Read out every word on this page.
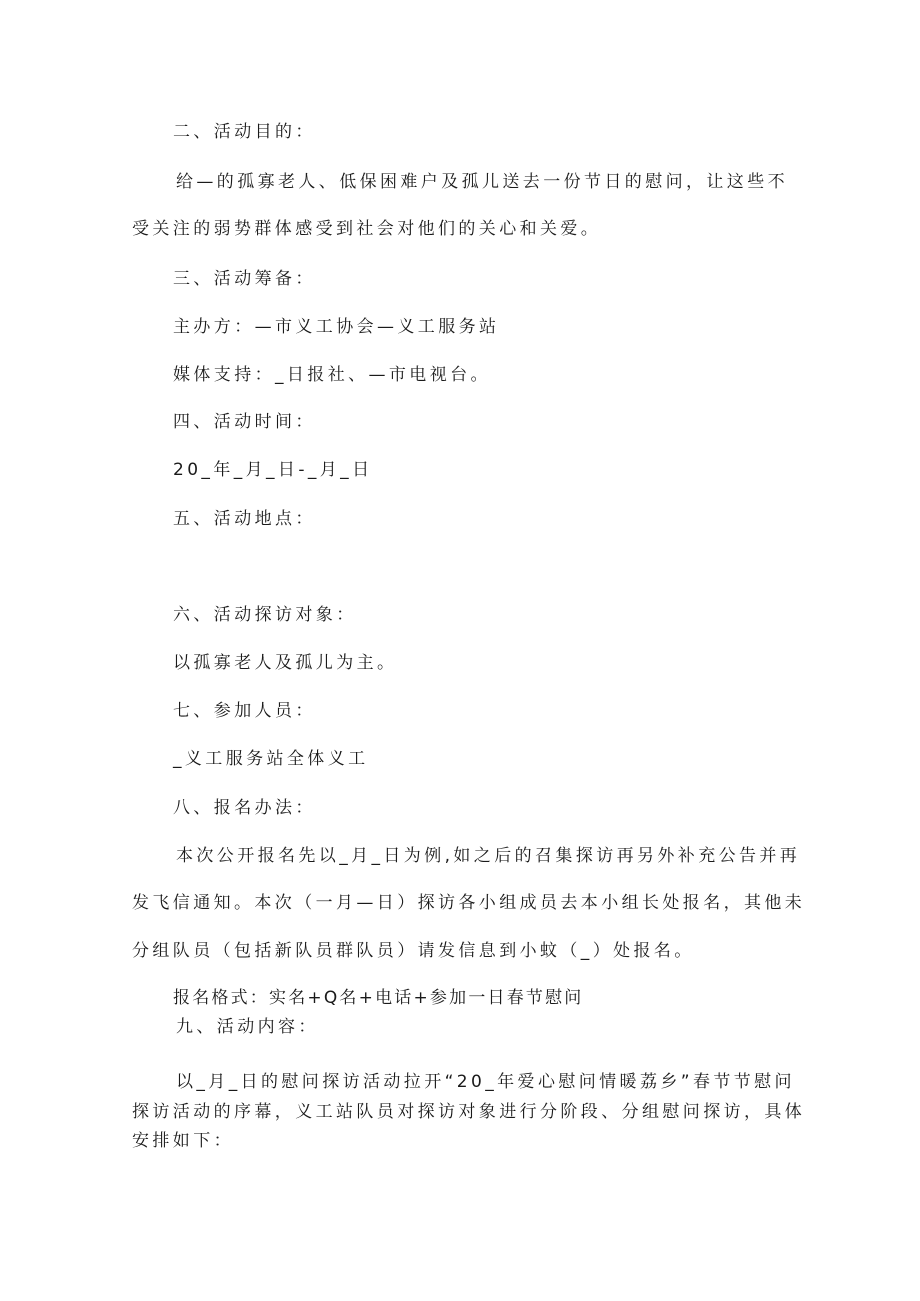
二、活动目的：
给—的孤寡老人、低保困难户及孤儿送去一份节日的慰问，让这些不
受关注的弱势群体感受到社会对他们的关心和关爱。
三、活动筹备：
主办方：—市义工协会—义工服务站
媒体支持：_日报社、—市电视台。
四、活动时间：
20_年_月_日-_月_日
五、活动地点：
六、活动探访对象：
以孤寡老人及孤儿为主。
七、参加人员：
_义工服务站全体义工
八、报名办法：
本次公开报名先以_月_日为例,如之后的召集探访再另外补充公告并再
发飞信通知。本次（一月—日）探访各小组成员去本小组长处报名，其他未
分组队员（包括新队员群队员）请发信息到小蚊（_）处报名。
报名格式：实名+Q名+电话+参加一日春节慰问
九、活动内容：
以_月_日的慰问探访活动拉开“20_年爱心慰问情暖荔乡”春节节慰问
探访活动的序幕，义工站队员对探访对象进行分阶段、分组慰问探访，具体
安排如下：
